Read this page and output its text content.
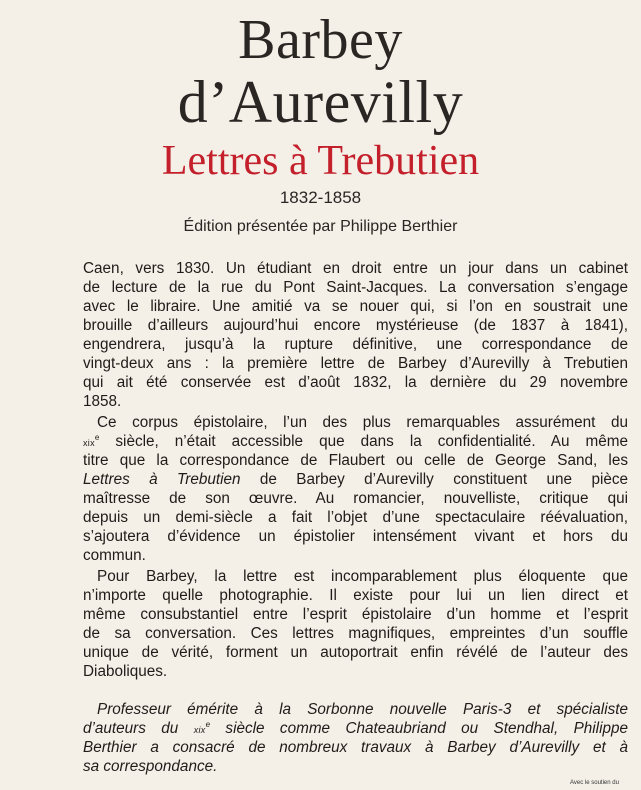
Barbey
d’Aurevilly
Lettres à Trebutien
1832-1858
Édition présentée par Philippe Berthier
Caen, vers 1830. Un étudiant en droit entre un jour dans un cabinet
de lecture de la rue du Pont Saint-Jacques. La conversation s’engage
avec le libraire. Une amitié va se nouer qui, si l’on en soustrait une
brouille d’ailleurs aujourd’hui encore mystérieuse (de 1837 à 1841),
engendrera, jusqu’à la rupture définitive, une correspondance de
vingt-deux ans : la première lettre de Barbey d’Aurevilly à Trebutien
qui ait été conservée est d’août 1832, la dernière du 29 novembre
1858.
Ce corpus épistolaire, l’un des plus remarquables assurément du
xix$^e$ siècle, n’était accessible que dans la confidentialité. Au même
titre que la correspondance de Flaubert ou celle de George Sand, les
Lettres à Trebutien de Barbey d’Aurevilly constituent une pièce
maîtresse de son œuvre. Au romancier, nouvelliste, critique qui
depuis un demi-siècle a fait l’objet d’une spectaculaire réévaluation,
s’ajoutera d’évidence un épistolier intensément vivant et hors du
commun.
Pour Barbey, la lettre est incomparablement plus éloquente que
n’importe quelle photographie. Il existe pour lui un lien direct et
même consubstantiel entre l’esprit épistolaire d’un homme et l’esprit
de sa conversation. Ces lettres magnifiques, empreintes d’un souffle
unique de vérité, forment un autoportrait enfin révélé de l’auteur des
Diaboliques.
Professeur émérite à la Sorbonne nouvelle Paris-3 et spécialiste
d’auteurs du xix$^e$ siècle comme Chateaubriand ou Stendhal, Philippe
Berthier a consacré de nombreux travaux à Barbey d’Aurevilly et à
sa correspondance.
Avec le soutien du
